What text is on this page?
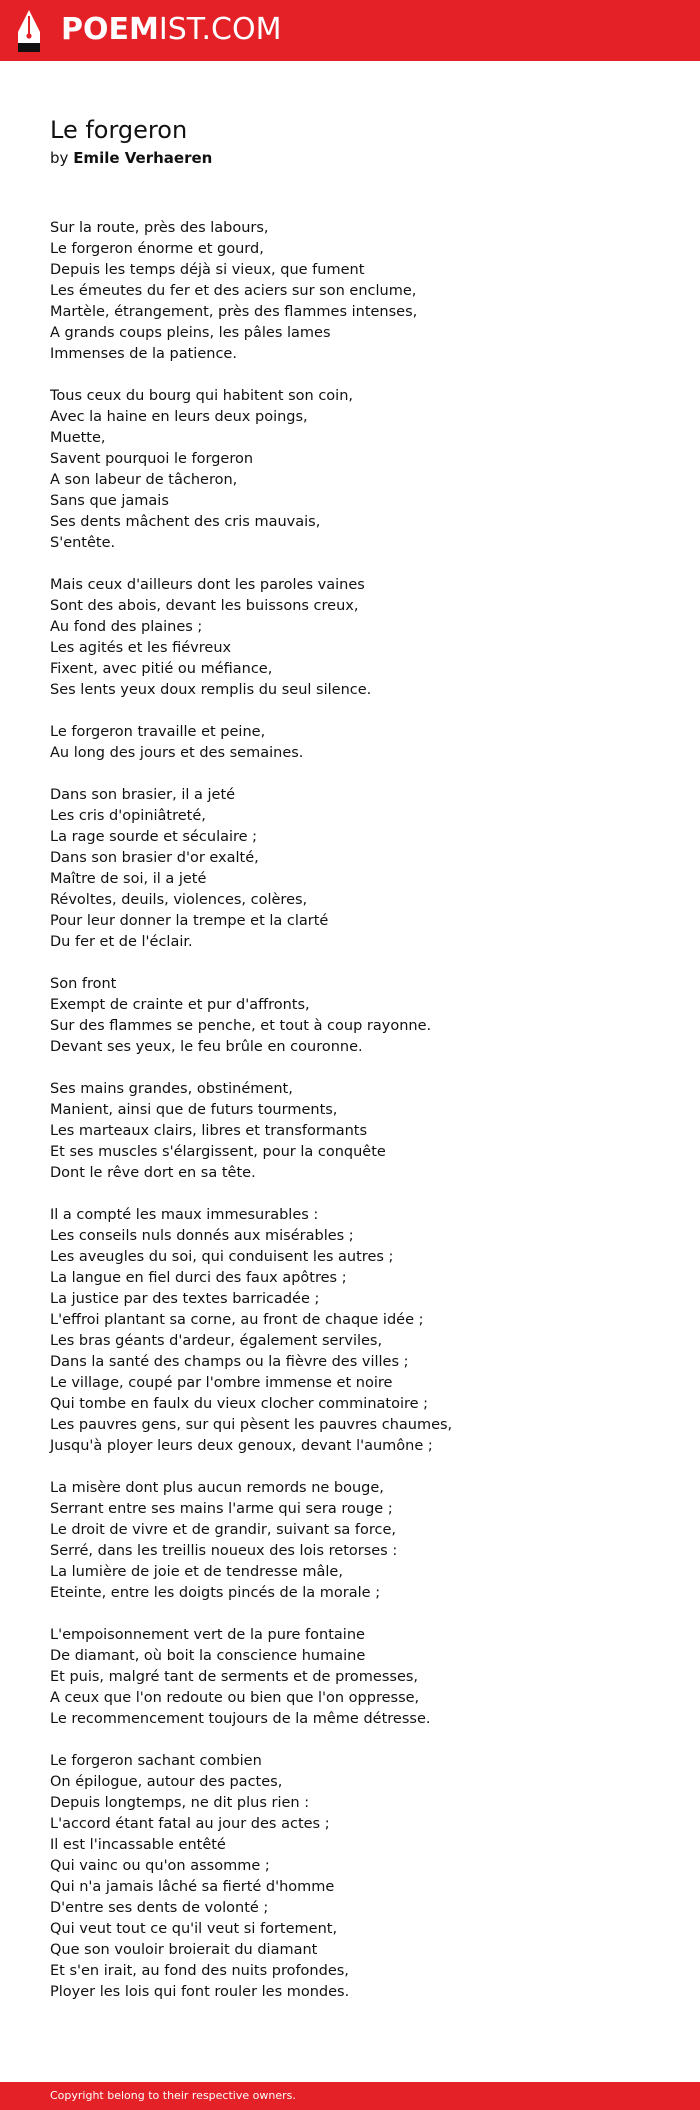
POEMIST.COM
Le forgeron
by Emile Verhaeren
Sur la route, près des labours,
Le forgeron énorme et gourd,
Depuis les temps déjà si vieux, que fument
Les émeutes du fer et des aciers sur son enclume,
Martèle, étrangement, près des flammes intenses,
A grands coups pleins, les pâles lames
Immenses de la patience.
Tous ceux du bourg qui habitent son coin,
Avec la haine en leurs deux poings,
Muette,
Savent pourquoi le forgeron
A son labeur de tâcheron,
Sans que jamais
Ses dents mâchent des cris mauvais,
S'entête.
Mais ceux d'ailleurs dont les paroles vaines
Sont des abois, devant les buissons creux,
Au fond des plaines ;
Les agités et les fiévreux
Fixent, avec pitié ou méfiance,
Ses lents yeux doux remplis du seul silence.
Le forgeron travaille et peine,
Au long des jours et des semaines.
Dans son brasier, il a jeté
Les cris d'opiniâtreté,
La rage sourde et séculaire ;
Dans son brasier d'or exalté,
Maître de soi, il a jeté
Révoltes, deuils, violences, colères,
Pour leur donner la trempe et la clarté
Du fer et de l'éclair.
Son front
Exempt de crainte et pur d'affronts,
Sur des flammes se penche, et tout à coup rayonne.
Devant ses yeux, le feu brûle en couronne.
Ses mains grandes, obstinément,
Manient, ainsi que de futurs tourments,
Les marteaux clairs, libres et transformants
Et ses muscles s'élargissent, pour la conquête
Dont le rêve dort en sa tête.
Il a compté les maux immesurables :
Les conseils nuls donnés aux misérables ;
Les aveugles du soi, qui conduisent les autres ;
La langue en fiel durci des faux apôtres ;
La justice par des textes barricadée ;
L'effroi plantant sa corne, au front de chaque idée ;
Les bras géants d'ardeur, également serviles,
Dans la santé des champs ou la fièvre des villes ;
Le village, coupé par l'ombre immense et noire
Qui tombe en faulx du vieux clocher comminatoire ;
Les pauvres gens, sur qui pèsent les pauvres chaumes,
Jusqu'à ployer leurs deux genoux, devant l'aumône ;
La misère dont plus aucun remords ne bouge,
Serrant entre ses mains l'arme qui sera rouge ;
Le droit de vivre et de grandir, suivant sa force,
Serré, dans les treillis noueux des lois retorses :
La lumière de joie et de tendresse mâle,
Eteinte, entre les doigts pincés de la morale ;
L'empoisonnement vert de la pure fontaine
De diamant, où boit la conscience humaine
Et puis, malgré tant de serments et de promesses,
A ceux que l'on redoute ou bien que l'on oppresse,
Le recommencement toujours de la même détresse.
Le forgeron sachant combien
On épilogue, autour des pactes,
Depuis longtemps, ne dit plus rien :
L'accord étant fatal au jour des actes ;
Il est l'incassable entêté
Qui vainc ou qu'on assomme ;
Qui n'a jamais lâché sa fierté d'homme
D'entre ses dents de volonté ;
Qui veut tout ce qu'il veut si fortement,
Que son vouloir broierait du diamant
Et s'en irait, au fond des nuits profondes,
Ployer les lois qui font rouler les mondes.
Copyright belong to their respective owners.
